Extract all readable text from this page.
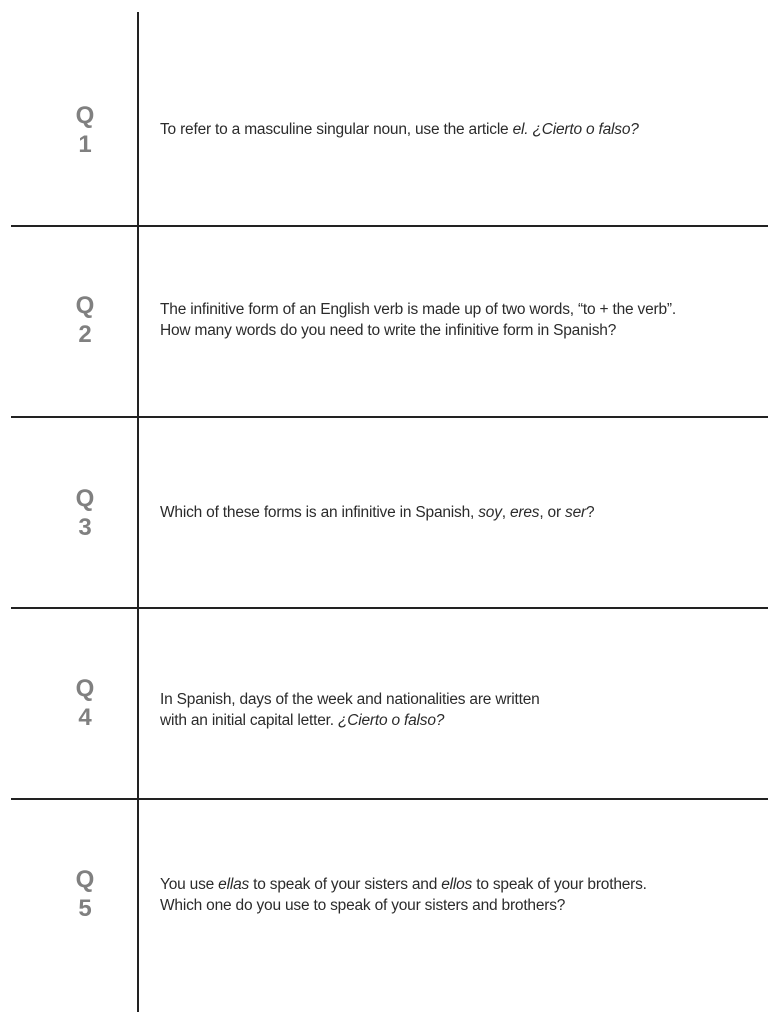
Q
1
To refer to a masculine singular noun, use the article el. ¿Cierto o falso?
Q
2
The infinitive form of an English verb is made up of two words, “to + the verb”. How many words do you need to write the infinitive form in Spanish?
Q
3
Which of these forms is an infinitive in Spanish, soy, eres, or ser?
Q
4
In Spanish, days of the week and nationalities are written with an initial capital letter. ¿Cierto o falso?
Q
5
You use ellas to speak of your sisters and ellos to speak of your brothers. Which one do you use to speak of your sisters and brothers?
